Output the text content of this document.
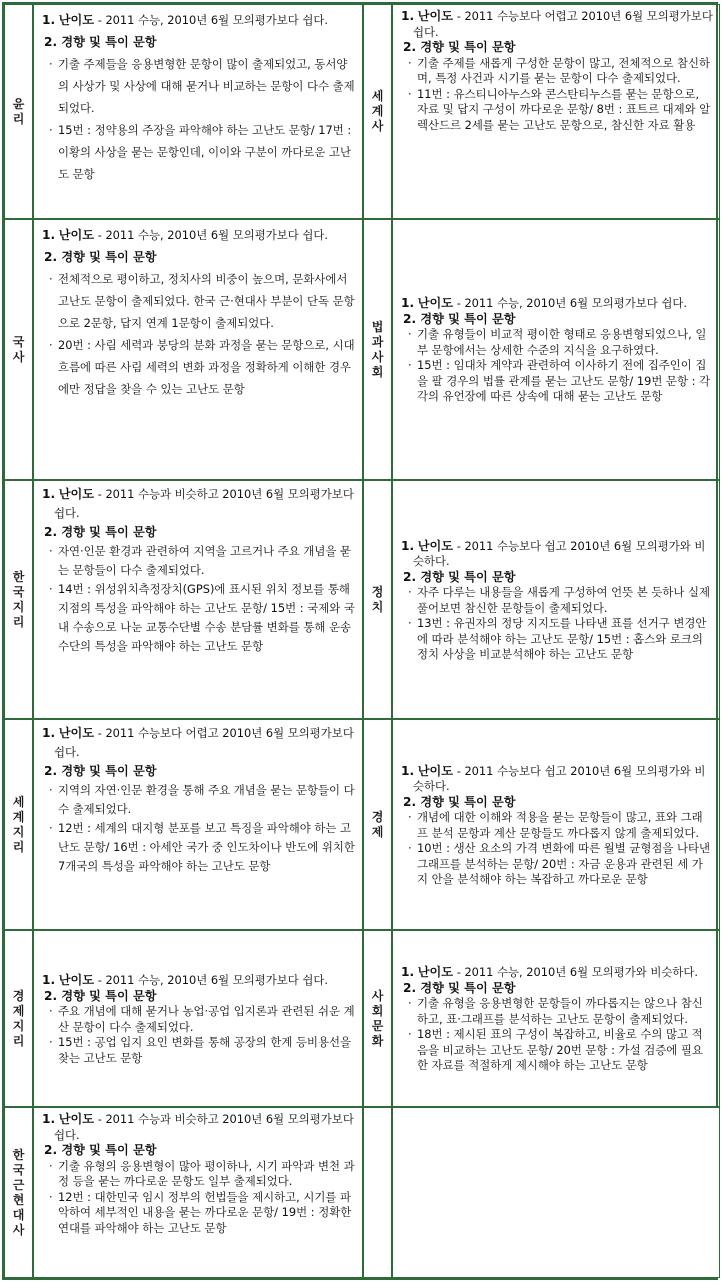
윤
리
1. 난이도 - 2011 수능, 2010년 6월 모의평가보다 쉽다.
2. 경향 및 특이 문항
· 기출 주제들을 응용변형한 문항이 많이 출제되었고, 동서양의 사상가 및 사상에 대해 묻거나 비교하는 문항이 다수 출제되었다.
· 15번 : 정약용의 주장을 파악해야 하는 고난도 문항/ 17번 : 이황의 사상을 묻는 문항인데, 이이와 구분이 까다로운 고난도 문항
세
계
사
1. 난이도 - 2011 수능보다 어렵고 2010년 6월 모의평가보다 쉽다.
2. 경향 및 특이 문항
· 기출 주제를 새롭게 구성한 문항이 많고, 전체적으로 참신하며, 특정 사건과 시기를 묻는 문항이 다수 출제되었다.
· 11번 : 유스티니아누스와 콘스탄티누스를 묻는 문항으로, 자료 및 답지 구성이 까다로운 문항/ 8번 : 표트르 대제와 알렉산드르 2세를 묻는 고난도 문항으로, 참신한 자료 활용
국
사
1. 난이도 - 2011 수능, 2010년 6월 모의평가보다 쉽다.
2. 경향 및 특이 문항
· 전체적으로 평이하고, 정치사의 비중이 높으며, 문화사에서 고난도 문항이 출제되었다. 한국 근·현대사 부분이 단독 문항으로 2문항, 답지 연계 1문항이 출제되었다.
· 20번 : 사림 세력과 붕당의 분화 과정을 묻는 문항으로, 시대 흐름에 따른 사림 세력의 변화 과정을 정확하게 이해한 경우에만 정답을 찾을 수 있는 고난도 문항
법
과
사
회
1. 난이도 - 2011 수능, 2010년 6월 모의평가보다 쉽다.
2. 경향 및 특이 문항
· 기출 유형들이 비교적 평이한 형태로 응용변형되었으나, 일부 문항에서는 상세한 수준의 지식을 요구하였다.
· 15번 : 임대차 계약과 관련하여 이사하기 전에 집주인이 집을 팔 경우의 법률 관계를 묻는 고난도 문항/ 19번 문항 : 각각의 유언장에 따른 상속에 대해 묻는 고난도 문항
한
국
지
리
1. 난이도 - 2011 수능과 비슷하고 2010년 6월 모의평가보다 쉽다.
2. 경향 및 특이 문항
· 자연·인문 환경과 관련하여 지역을 고르거나 주요 개념을 묻는 문항들이 다수 출제되었다.
· 14번 : 위성위치측정장치(GPS)에 표시된 위치 정보를 통해 지점의 특성을 파악해야 하는 고난도 문항/ 15번 : 국제와 국내 수송으로 나눈 교통수단별 수송 분담률 변화를 통해 운송 수단의 특성을 파악해야 하는 고난도 문항
정
치
1. 난이도 - 2011 수능보다 쉽고 2010년 6월 모의평가와 비슷하다.
2. 경향 및 특이 문항
· 자주 다루는 내용들을 새롭게 구성하여 언뜻 본 듯하나 실제 풀어보면 참신한 문항들이 출제되었다.
· 13번 : 유권자의 정당 지지도를 나타낸 표를 선거구 변경안에 따라 분석해야 하는 고난도 문항/ 15번 : 홉스와 로크의 정치 사상을 비교분석해야 하는 고난도 문항
세
계
지
리
1. 난이도 - 2011 수능보다 어렵고 2010년 6월 모의평가보다 쉽다.
2. 경향 및 특이 문항
· 지역의 자연·인문 환경을 통해 주요 개념을 묻는 문항들이 다수 출제되었다.
· 12번 : 세계의 대지형 분포를 보고 특징을 파악해야 하는 고난도 문항/ 16번 : 아세안 국가 중 인도차이나 반도에 위치한 7개국의 특성을 파악해야 하는 고난도 문항
경
제
1. 난이도 - 2011 수능보다 쉽고 2010년 6월 모의평가와 비슷하다.
2. 경향 및 특이 문항
· 개념에 대한 이해와 적용을 묻는 문항들이 많고, 표와 그래프 분석 문항과 계산 문항들도 까다롭지 않게 출제되었다.
· 10번 : 생산 요소의 가격 변화에 따른 월별 균형점을 나타낸 그래프를 분석하는 문항/ 20번 : 자금 운용과 관련된 세 가지 안을 분석해야 하는 복잡하고 까다로운 문항
경
제
지
리
1. 난이도 - 2011 수능, 2010년 6월 모의평가보다 쉽다.
2. 경향 및 특이 문항
· 주요 개념에 대해 묻거나 농업·공업 입지론과 관련된 쉬운 계산 문항이 다수 출제되었다.
· 15번 : 공업 입지 요인 변화를 통해 공장의 한계 등비용선을 찾는 고난도 문항
사
회
문
화
1. 난이도 - 2011 수능, 2010년 6월 모의평가와 비슷하다.
2. 경향 및 특이 문항
· 기출 유형을 응용변형한 문항들이 까다롭지는 않으나 참신하고, 표·그래프를 분석하는 고난도 문항이 출제되었다.
· 18번 : 제시된 표의 구성이 복잡하고, 비율로 수의 많고 적음을 비교하는 고난도 문항/ 20번 문항 : 가설 검증에 필요한 자료를 적절하게 제시해야 하는 고난도 문항
한
국
근
현
대
사
1. 난이도 - 2011 수능과 비슷하고 2010년 6월 모의평가보다 쉽다.
2. 경향 및 특이 문항
· 기출 유형의 응용변형이 많아 평이하나, 시기 파악과 변천 과정 등을 묻는 까다로운 문항도 일부 출제되었다.
· 12번 : 대한민국 임시 정부의 헌법들을 제시하고, 시기를 파악하여 세부적인 내용을 묻는 까다로운 문항/ 19번 : 정확한 연대를 파악해야 하는 고난도 문항
